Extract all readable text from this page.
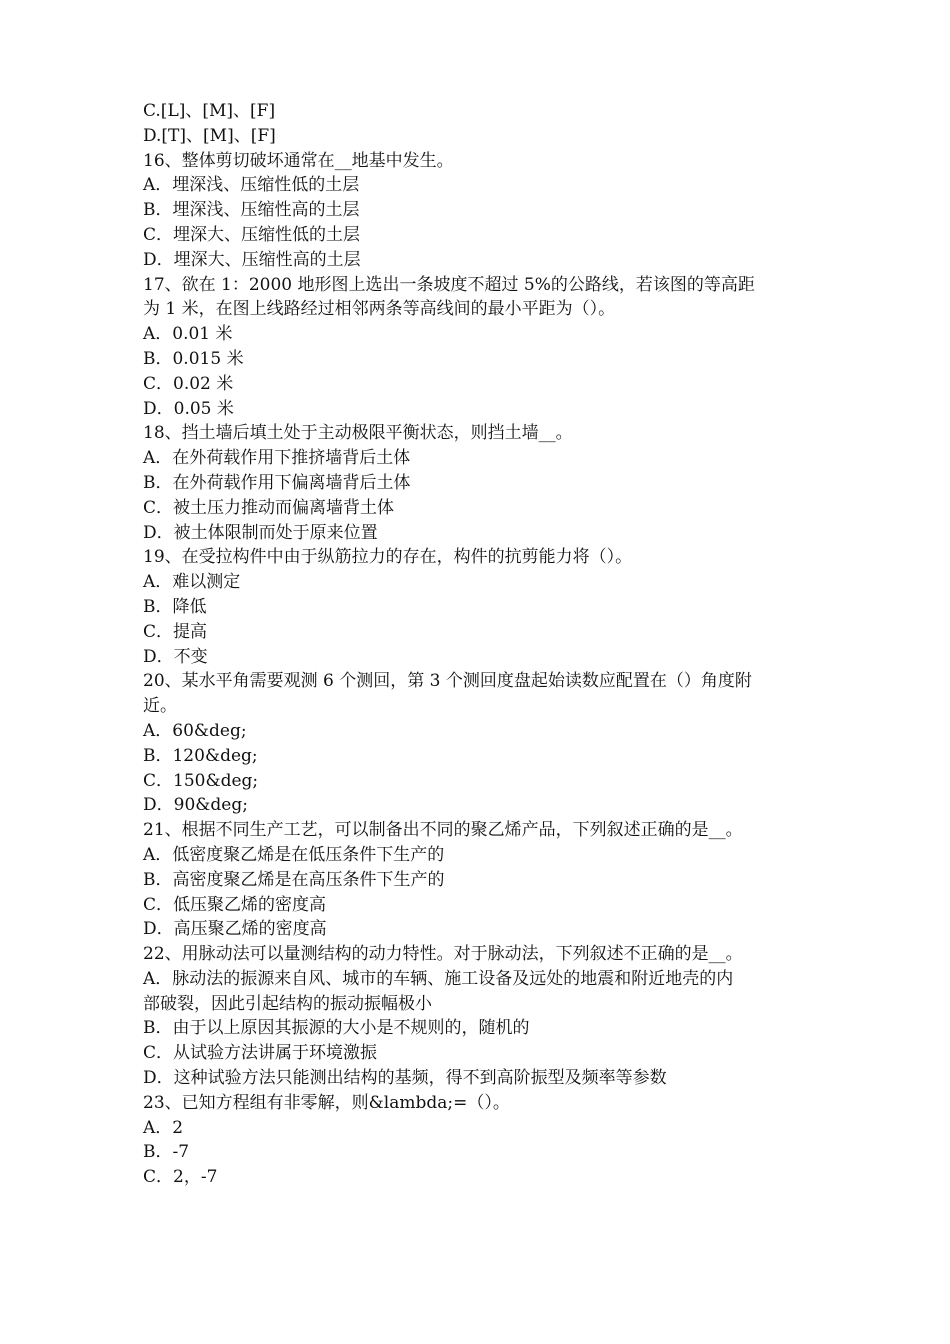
C.[L]、[M]、[F]

D.[T]、[M]、[F]

16、整体剪切破坏通常在__地基中发生。

A．埋深浅、压缩性低的土层

B．埋深浅、压缩性高的土层

C．埋深大、压缩性低的土层

D．埋深大、压缩性高的土层

17、欲在 1：2000 地形图上选出一条坡度不超过 5%的公路线，若该图的等高距

为 1 米，在图上线路经过相邻两条等高线间的最小平距为（）。

A．0.01 米

B．0.015 米

C．0.02 米

D．0.05 米

18、挡土墙后填土处于主动极限平衡状态，则挡土墙__。

A．在外荷载作用下推挤墙背后土体

B．在外荷载作用下偏离墙背后土体

C．被土压力推动而偏离墙背土体

D．被土体限制而处于原来位置

19、在受拉构件中由于纵筋拉力的存在，构件的抗剪能力将（）。

A．难以测定

B．降低

C．提高

D．不变

20、某水平角需要观测 6 个测回，第 3 个测回度盘起始读数应配置在（）角度附

近。

A．60&deg;

B．120&deg;

C．150&deg;

D．90&deg;

21、根据不同生产工艺，可以制备出不同的聚乙烯产品，下列叙述正确的是__。

A．低密度聚乙烯是在低压条件下生产的

B．高密度聚乙烯是在高压条件下生产的

C．低压聚乙烯的密度高

D．高压聚乙烯的密度高

22、用脉动法可以量测结构的动力特性。对于脉动法，下列叙述不正确的是__。

A．脉动法的振源来自风、城市的车辆、施工设备及远处的地震和附近地壳的内

部破裂，因此引起结构的振动振幅极小

B．由于以上原因其振源的大小是不规则的，随机的

C．从试验方法讲属于环境激振

D．这种试验方法只能测出结构的基频，得不到高阶振型及频率等参数

23、已知方程组有非零解，则&lambda;=（）。

A．2

B．-7

C．2，-7
